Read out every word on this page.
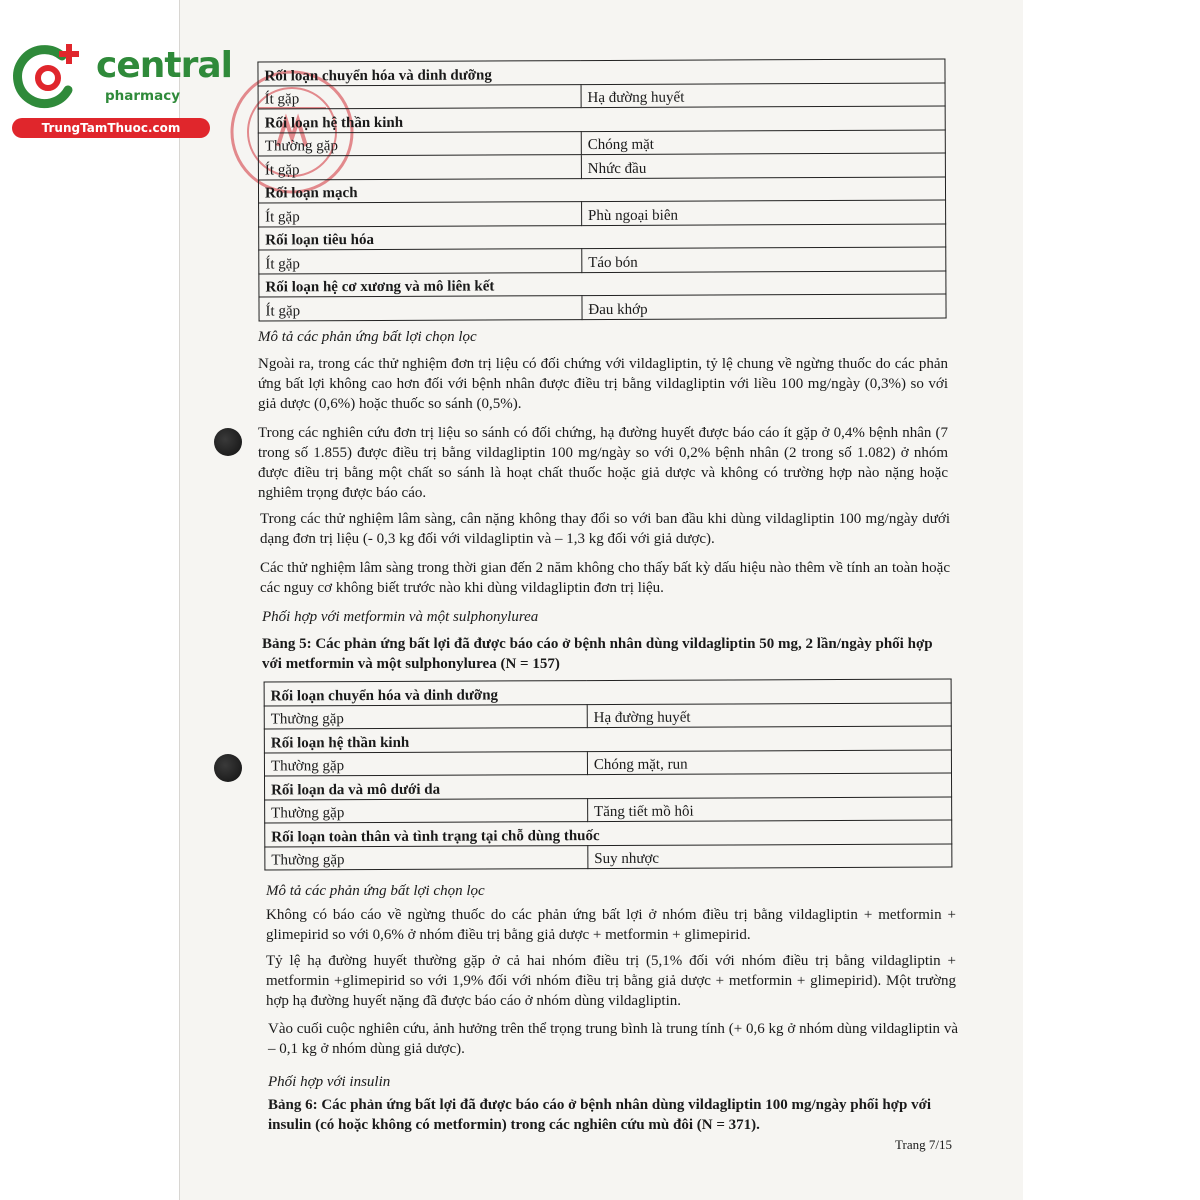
central
pharmacy
TrungTamThuoc.com
Rối loạn chuyển hóa và dinh dưỡng	
Ít gặp	Hạ đường huyết
Rối loạn hệ thần kinh	
Thường gặp	Chóng mặt
Ít gặp	Nhức đầu
Rối loạn mạch	
Ít gặp	Phù ngoại biên
Rối loạn tiêu hóa	
Ít gặp	Táo bón
Rối loạn hệ cơ xương và mô liên kết	
Ít gặp	Đau khớp
Mô tả các phản ứng bất lợi chọn lọc
Ngoài ra, trong các thử nghiệm đơn trị liệu có đối chứng với vildagliptin, tỷ lệ chung về ngừng thuốc do các phản ứng bất lợi không cao hơn đối với bệnh nhân được điều trị bằng vildagliptin với liều 100 mg/ngày (0,3%) so với giả dược (0,6%) hoặc thuốc so sánh (0,5%).
Trong các nghiên cứu đơn trị liệu so sánh có đối chứng, hạ đường huyết được báo cáo ít gặp ở 0,4% bệnh nhân (7 trong số 1.855) được điều trị bằng vildagliptin 100 mg/ngày so với 0,2% bệnh nhân (2 trong số 1.082) ở nhóm được điều trị bằng một chất so sánh là hoạt chất thuốc hoặc giả dược và không có trường hợp nào nặng hoặc nghiêm trọng được báo cáo.
Trong các thử nghiệm lâm sàng, cân nặng không thay đổi so với ban đầu khi dùng vildagliptin 100 mg/ngày dưới dạng đơn trị liệu (- 0,3 kg đối với vildagliptin và – 1,3 kg đối với giả dược).
Các thử nghiệm lâm sàng trong thời gian đến 2 năm không cho thấy bất kỳ dấu hiệu nào thêm về tính an toàn hoặc các nguy cơ không biết trước nào khi dùng vildagliptin đơn trị liệu.
Phối hợp với metformin và một sulphonylurea
Bảng 5: Các phản ứng bất lợi đã được báo cáo ở bệnh nhân dùng vildagliptin 50 mg, 2 lần/ngày phối hợp với metformin và một sulphonylurea (N = 157)
Rối loạn chuyển hóa và dinh dưỡng	
Thường gặp	Hạ đường huyết
Rối loạn hệ thần kinh	
Thường gặp	Chóng mặt, run
Rối loạn da và mô dưới da	
Thường gặp	Tăng tiết mồ hôi
Rối loạn toàn thân và tình trạng tại chỗ dùng thuốc	
Thường gặp	Suy nhược
Mô tả các phản ứng bất lợi chọn lọc
Không có báo cáo về ngừng thuốc do các phản ứng bất lợi ở nhóm điều trị bằng vildagliptin + metformin + glimepirid so với 0,6% ở nhóm điều trị bằng giả dược + metformin + glimepirid.
Tỷ lệ hạ đường huyết thường gặp ở cả hai nhóm điều trị (5,1% đối với nhóm điều trị bằng vildagliptin + metformin +glimepirid so với 1,9% đối với nhóm điều trị bằng giả dược + metformin + glimepirid). Một trường hợp hạ đường huyết nặng đã được báo cáo ở nhóm dùng vildagliptin.
Vào cuối cuộc nghiên cứu, ảnh hưởng trên thể trọng trung bình là trung tính (+ 0,6 kg ở nhóm dùng vildagliptin và – 0,1 kg ở nhóm dùng giả dược).
Phối hợp với insulin
Bảng 6: Các phản ứng bất lợi đã được báo cáo ở bệnh nhân dùng vildagliptin 100 mg/ngày phối hợp với insulin (có hoặc không có metformin) trong các nghiên cứu mù đôi (N = 371).
Trang 7/15
